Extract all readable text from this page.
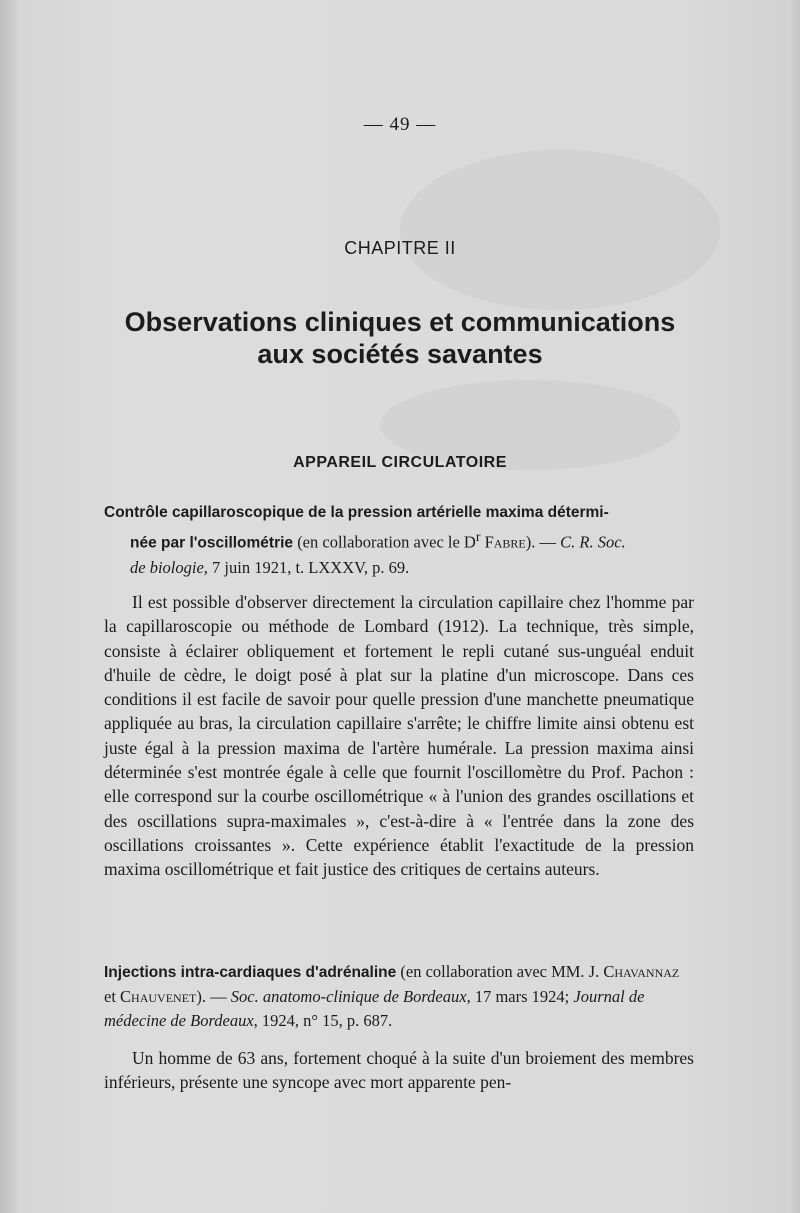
— 49 —
CHAPITRE II
Observations cliniques et communications
aux sociétés savantes
APPAREIL CIRCULATOIRE
Contrôle capillaroscopique de la pression artérielle maxima détermi-
née par l'oscillométrie (en collaboration avec le $D^r$ Fabre). — C. R. Soc.
de biologie, 7 juin 1921, t. LXXXV, p. 69.
Il est possible d'observer directement la circulation capillaire chez l'homme par la capillaroscopie ou méthode de Lombard (1912). La technique, très simple, consiste à éclairer obliquement et fortement le repli cutané sus-unguéal enduit d'huile de cèdre, le doigt posé à plat sur la platine d'un microscope. Dans ces conditions il est facile de savoir pour quelle pression d'une manchette pneumatique appliquée au bras, la circulation capillaire s'arrête; le chiffre limite ainsi obtenu est juste égal à la pression maxima de l'artère humérale. La pression maxima ainsi déterminée s'est montrée égale à celle que fournit l'oscillomètre du Prof. Pachon : elle correspond sur la courbe oscillométrique « à l'union des grandes oscillations et des oscillations supra-maximales », c'est-à-dire à « l'entrée dans la zone des oscillations croissantes ». Cette expérience établit l'exactitude de la pression maxima oscillométrique et fait justice des critiques de certains auteurs.
Injections intra-cardiaques d'adrénaline (en collaboration avec MM. J. Chavannaz et Chauvenet). — Soc. anatomo-clinique de Bordeaux, 17 mars 1924; Journal de médecine de Bordeaux, 1924, n° 15, p. 687.
Un homme de 63 ans, fortement choqué à la suite d'un broiement des membres inférieurs, présente une syncope avec mort apparente pen-
